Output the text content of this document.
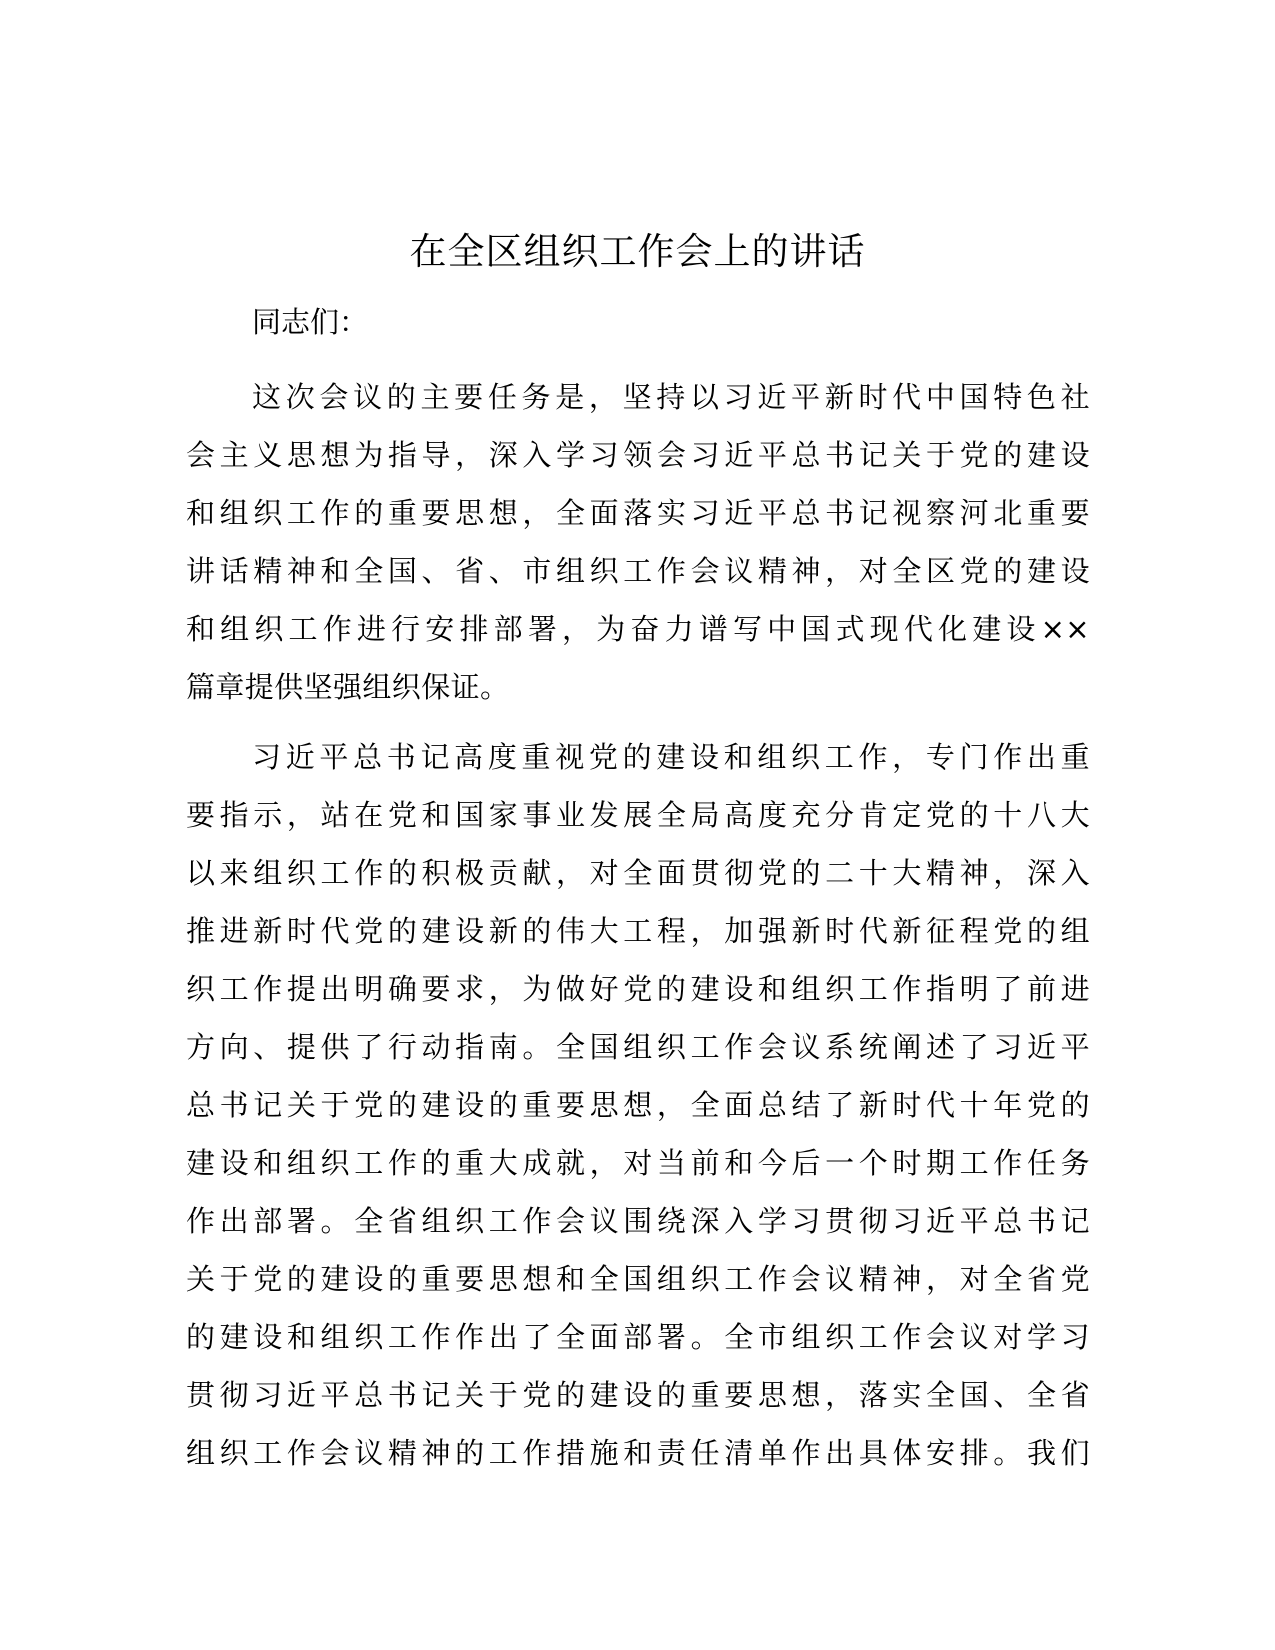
在全区组织工作会上的讲话

同志们：

这次会议的主要任务是，坚持以习近平新时代中国特色社
会主义思想为指导，深入学习领会习近平总书记关于党的建设
和组织工作的重要思想，全面落实习近平总书记视察河北重要
讲话精神和全国、省、市组织工作会议精神，对全区党的建设
和组织工作进行安排部署，为奋力谱写中国式现代化建设××
篇章提供坚强组织保证。
习近平总书记高度重视党的建设和组织工作，专门作出重
要指示，站在党和国家事业发展全局高度充分肯定党的十八大
以来组织工作的积极贡献，对全面贯彻党的二十大精神，深入
推进新时代党的建设新的伟大工程，加强新时代新征程党的组
织工作提出明确要求，为做好党的建设和组织工作指明了前进
方向、提供了行动指南。全国组织工作会议系统阐述了习近平
总书记关于党的建设的重要思想，全面总结了新时代十年党的
建设和组织工作的重大成就，对当前和今后一个时期工作任务
作出部署。全省组织工作会议围绕深入学习贯彻习近平总书记
关于党的建设的重要思想和全国组织工作会议精神，对全省党
的建设和组织工作作出了全面部署。全市组织工作会议对学习
贯彻习近平总书记关于党的建设的重要思想，落实全国、全省
组织工作会议精神的工作措施和责任清单作出具体安排。我们
